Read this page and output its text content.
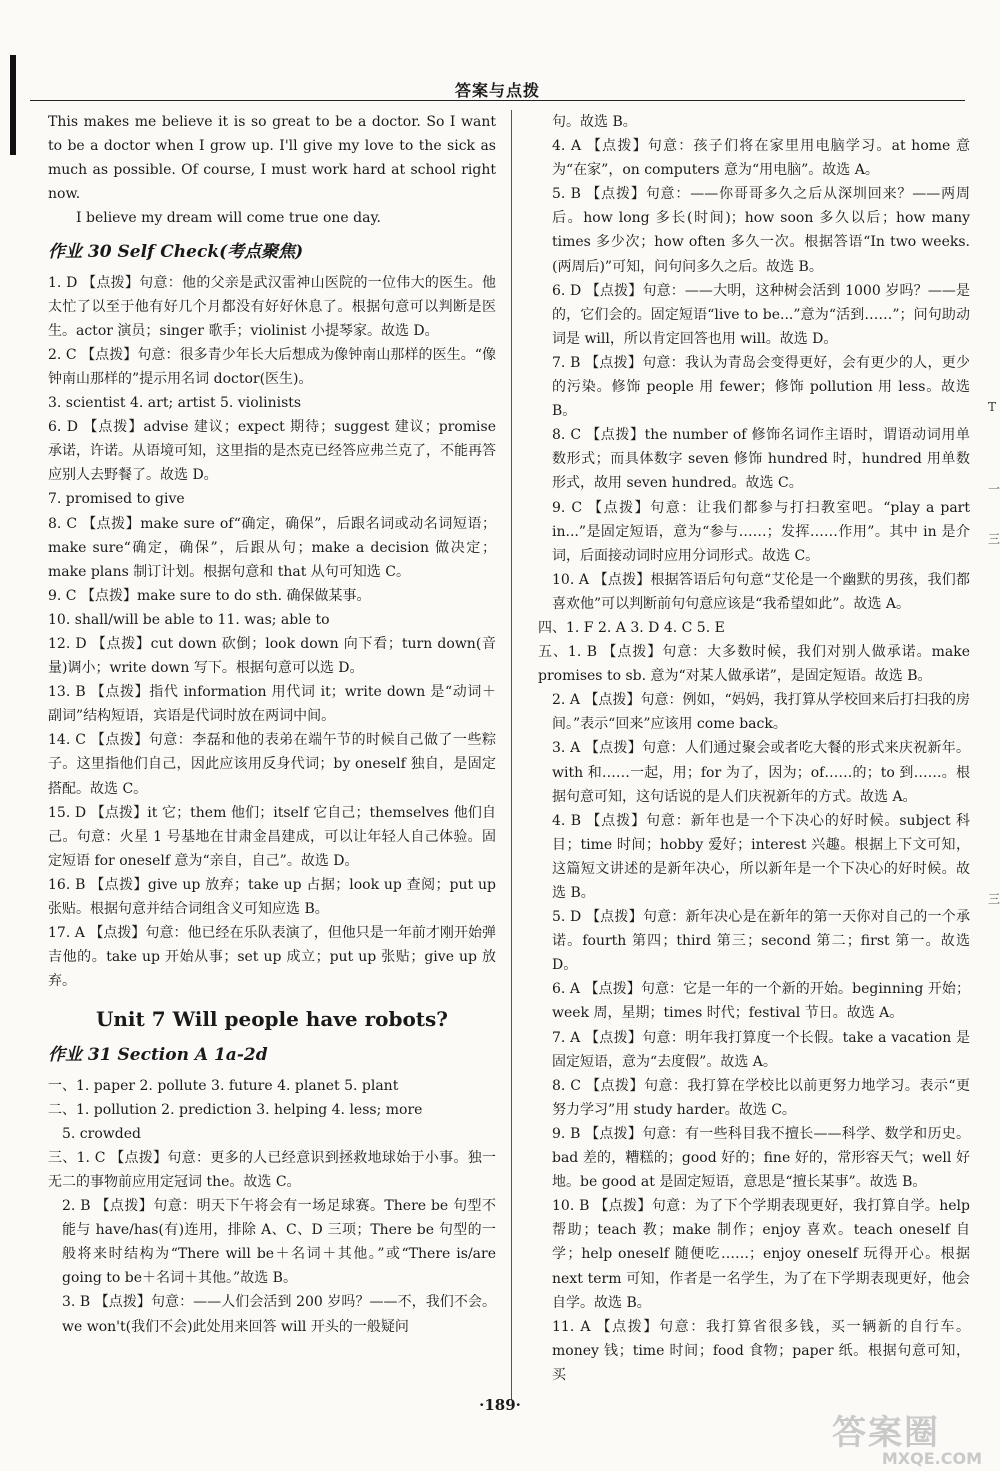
答案与点拨

This makes me believe it is so great to be a doctor. So I want to be a doctor when I grow up. I'll give my love to the sick as much as possible. Of course, I must work hard at school right now.

I believe my dream will come true one day.

作业 30 Self Check(考点聚焦)

1. D 【点拨】句意：他的父亲是武汉雷神山医院的一位伟大的医生。他太忙了以至于他有好几个月都没有好好休息了。根据句意可以判断是医生。actor 演员；singer 歌手；violinist 小提琴家。故选 D。

2. C 【点拨】句意：很多青少年长大后想成为像钟南山那样的医生。“像钟南山那样的”提示用名词 doctor(医生)。

3. scientist 4. art; artist 5. violinists

6. D 【点拨】advise 建议；expect 期待；suggest 建议；promise 承诺，许诺。从语境可知，这里指的是杰克已经答应弗兰克了，不能再答应别人去野餐了。故选 D。

7. promised to give

8. C 【点拨】make sure of“确定，确保”，后跟名词或动名词短语；make sure“确定，确保”，后跟从句；make a decision 做决定；make plans 制订计划。根据句意和 that 从句可知选 C。

9. C 【点拨】make sure to do sth. 确保做某事。

10. shall/will be able to 11. was; able to

12. D 【点拨】cut down 砍倒；look down 向下看；turn down(音量)调小；write down 写下。根据句意可以选 D。

13. B 【点拨】指代 information 用代词 it；write down 是“动词＋副词”结构短语，宾语是代词时放在两词中间。

14. C 【点拨】句意：李磊和他的表弟在端午节的时候自己做了一些粽子。这里指他们自己，因此应该用反身代词；by oneself 独自，是固定搭配。故选 C。

15. D 【点拨】it 它；them 他们；itself 它自己；themselves 他们自己。句意：火星 1 号基地在甘肃金昌建成，可以让年轻人自己体验。固定短语 for oneself 意为“亲自，自己”。故选 D。

16. B 【点拨】give up 放弃；take up 占据；look up 查阅；put up 张贴。根据句意并结合词组含义可知应选 B。

17. A 【点拨】句意：他已经在乐队表演了，但他只是一年前才刚开始弹吉他的。take up 开始从事；set up 成立；put up 张贴；give up 放弃。

Unit 7 Will people have robots?
作业 31 Section A 1a-2d

一、1. paper 2. pollute 3. future 4. planet 5. plant

二、1. pollution 2. prediction 3. helping 4. less; more

5. crowded

三、1. C 【点拨】句意：更多的人已经意识到拯救地球始于小事。独一无二的事物前应用定冠词 the。故选 C。

2. B 【点拨】句意：明天下午将会有一场足球赛。There be 句型不能与 have/has(有)连用，排除 A、C、D 三项；There be 句型的一般将来时结构为“There will be＋名词＋其他。”或“There is/are going to be＋名词＋其他。”故选 B。

3. B 【点拨】句意：——人们会活到 200 岁吗？——不，我们不会。we won't(我们不会)此处用来回答 will 开头的一般疑问

句。故选 B。

4. A 【点拨】句意：孩子们将在家里用电脑学习。at home 意为“在家”，on computers 意为“用电脑”。故选 A。

5. B 【点拨】句意：——你哥哥多久之后从深圳回来？——两周后。how long 多长(时间)；how soon 多久以后；how many times 多少次；how often 多久一次。根据答语“In two weeks.(两周后)”可知，问句问多久之后。故选 B。

6. D 【点拨】句意：——大明，这种树会活到 1000 岁吗？——是的，它们会的。固定短语“live to be...”意为“活到……”；问句助动词是 will，所以肯定回答也用 will。故选 D。

7. B 【点拨】句意：我认为青岛会变得更好，会有更少的人，更少的污染。修饰 people 用 fewer；修饰 pollution 用 less。故选 B。

8. C 【点拨】the number of 修饰名词作主语时，谓语动词用单数形式；而具体数字 seven 修饰 hundred 时，hundred 用单数形式，故用 seven hundred。故选 C。

9. C 【点拨】句意：让我们都参与打扫教室吧。“play a part in...”是固定短语，意为“参与……；发挥……作用”。其中 in 是介词，后面接动词时应用分词形式。故选 C。

10. A 【点拨】根据答语后句句意“艾伦是一个幽默的男孩，我们都喜欢他”可以判断前句句意应该是“我希望如此”。故选 A。

四、1. F 2. A 3. D 4. C 5. E

五、1. B 【点拨】句意：大多数时候，我们对别人做承诺。make promises to sb. 意为“对某人做承诺”，是固定短语。故选 B。

2. A 【点拨】句意：例如，“妈妈，我打算从学校回来后打扫我的房间。”表示“回来”应该用 come back。

3. A 【点拨】句意：人们通过聚会或者吃大餐的形式来庆祝新年。with 和……一起，用；for 为了，因为；of……的；to 到……。根据句意可知，这句话说的是人们庆祝新年的方式。故选 A。

4. B 【点拨】句意：新年也是一个下决心的好时候。subject 科目；time 时间；hobby 爱好；interest 兴趣。根据上下文可知，这篇短文讲述的是新年决心，所以新年是一个下决心的好时候。故选 B。

5. D 【点拨】句意：新年决心是在新年的第一天你对自己的一个承诺。fourth 第四；third 第三；second 第二；first 第一。故选 D。

6. A 【点拨】句意：它是一年的一个新的开始。beginning 开始；week 周，星期；times 时代；festival 节日。故选 A。

7. A 【点拨】句意：明年我打算度一个长假。take a vacation 是固定短语，意为“去度假”。故选 A。

8. C 【点拨】句意：我打算在学校比以前更努力地学习。表示“更努力学习”用 study harder。故选 C。

9. B 【点拨】句意：有一些科目我不擅长——科学、数学和历史。bad 差的，糟糕的；good 好的；fine 好的，常形容天气；well 好地。be good at 是固定短语，意思是“擅长某事”。故选 B。

10. B 【点拨】句意：为了下个学期表现更好，我打算自学。help 帮助；teach 教；make 制作；enjoy 喜欢。teach oneself 自学；help oneself 随便吃……；enjoy oneself 玩得开心。根据 next term 可知，作者是一名学生，为了在下学期表现更好，他会自学。故选 B。

11. A 【点拨】句意：我打算省很多钱，买一辆新的自行车。money 钱；time 时间；food 食物；paper 纸。根据句意可知，买

T
一
三
三
·189·
答案圈
MXQE.COM
